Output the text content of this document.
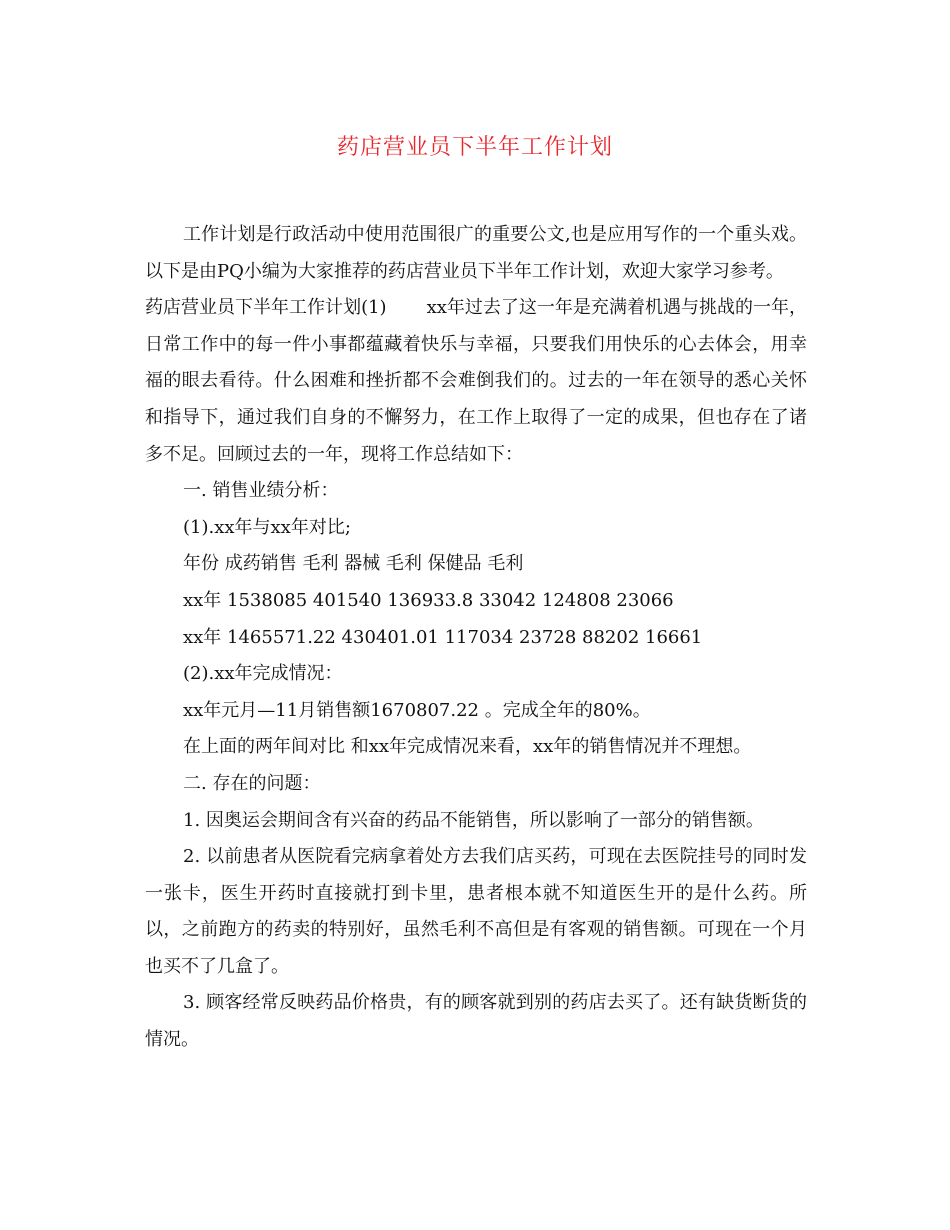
药店营业员下半年工作计划

工作计划是行政活动中使用范围很广的重要公文,也是应用写作的一个重头戏。以下是由PQ小编为大家推荐的药店营业员下半年工作计划，欢迎大家学习参考。

药店营业员下半年工作计划(1) xx年过去了这一年是充满着机遇与挑战的一年，日常工作中的每一件小事都蕴藏着快乐与幸福，只要我们用快乐的心去体会，用幸福的眼去看待。什么困难和挫折都不会难倒我们的。过去的一年在领导的悉心关怀和指导下，通过我们自身的不懈努力，在工作上取得了一定的成果，但也存在了诸多不足。回顾过去的一年，现将工作总结如下：

一. 销售业绩分析：

(1).xx年与xx年对比;

年份 成药销售 毛利 器械 毛利 保健品 毛利

xx年 1538085 401540 136933.8 33042 124808 23066

xx年 1465571.22 430401.01 117034 23728 88202 16661

(2).xx年完成情况：

xx年元月—11月销售额1670807.22 。完成全年的80%。

在上面的两年间对比 和xx年完成情况来看，xx年的销售情况并不理想。

二. 存在的问题：

1. 因奥运会期间含有兴奋的药品不能销售，所以影响了一部分的销售额。

2. 以前患者从医院看完病拿着处方去我们店买药，可现在去医院挂号的同时发一张卡，医生开药时直接就打到卡里，患者根本就不知道医生开的是什么药。所以，之前跑方的药卖的特别好，虽然毛利不高但是有客观的销售额。可现在一个月也买不了几盒了。

3. 顾客经常反映药品价格贵，有的顾客就到别的药店去买了。还有缺货断货的情况。
